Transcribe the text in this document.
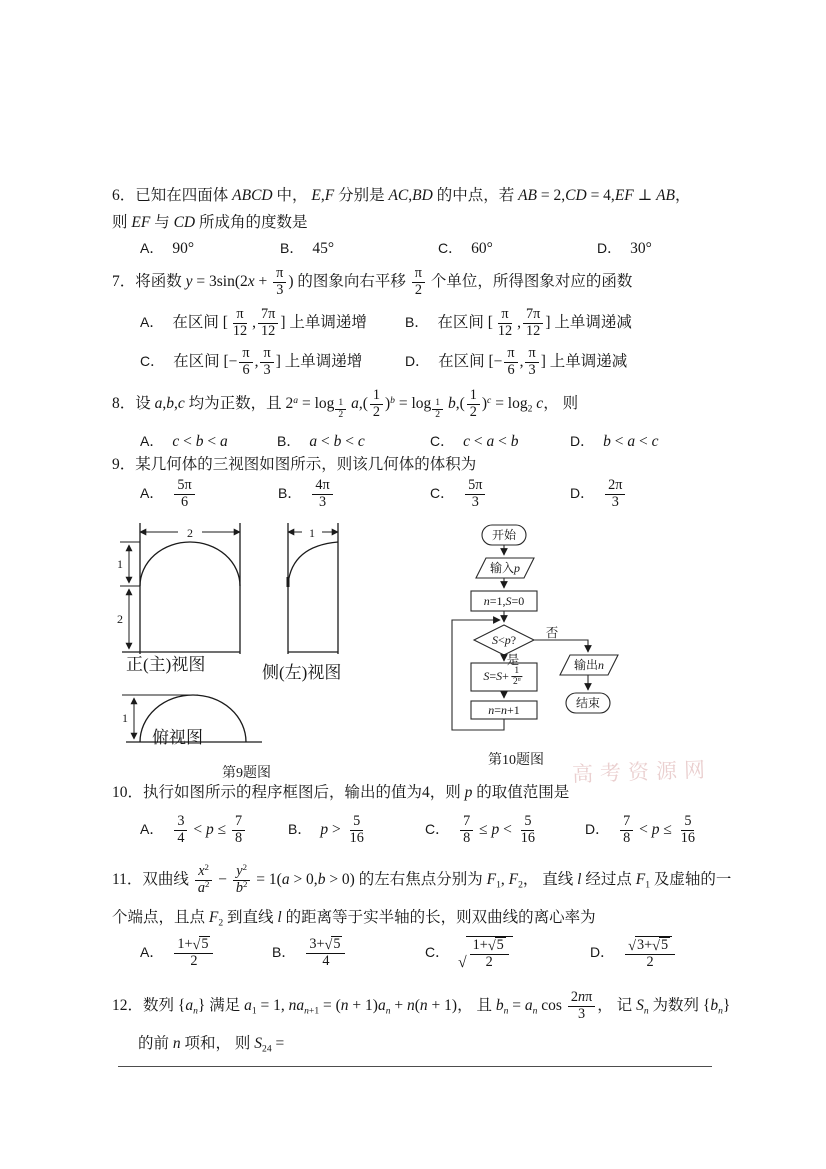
6．已知在四面体 ABCD 中， E,F 分别是 AC,BD 的中点，若 AB = 2,CD = 4,EF ⊥ AB，
则 EF 与 CD 所成角的度数是
A． 90°	B． 45°	C． 60°	D． 30°
7．将函数 $y = 3\sin(2x + \frac{\pi}{3}$ ) 的图象向右平移 $\frac{\pi}{2}$ 个单位，所得图象对应的函数
A． 在区间 [ $\frac{\pi}{12}$ , $\frac{7\pi}{12}$ ] 上单调递增	B． 在区间 [ $\frac{\pi}{12}$ , $\frac{7\pi}{12}$ ] 上单调递减
C． 在区间 [− $\frac{\pi}{6}$ , $\frac{\pi}{3}$ ] 上单调递增	D． 在区间 [− $\frac{\pi}{6}$ , $\frac{\pi}{3}$ ] 上单调递减
8．设 a,b,c 均为正数，且 $2^a = \log _{\frac{1}{2}}$ $a,( \frac{1}{2} )^b = \log _{\frac{1}{2}}$ $b,( \frac{1}{2} )^c = \log_2 c$， 则
A． c < b < a	B． a < b < c	C． c < a < b	D． b < a < c
9．某几何体的三视图如图所示，则该几何体的体积为
A． $\frac{5\pi}{6}$	B． $\frac{4\pi}{3}$	C． $\frac{5\pi}{3}$	D． $\frac{2\pi}{3}$
2
1
2
正(主)视图
1
侧(左)视图
1
俯视图
第9题图
开始
输入p
n=1,S=0
S<p? 否
是
$S=S+ \frac{1}{2^n}$
n=n+1
输出n
结束
第10题图 高考资源网
10．执行如图所示的程序框图后，输出的值为4，则 p 的取值范围是
A． $\frac{3}{4} < p \le \frac{7}{8}$	B． $p > \frac{5}{16}$	C． $\frac{7}{8} \le p < \frac{5}{16}$	D． $\frac{7}{8} < p \le \frac{5}{16}$
11．双曲线 $\frac{x^2}{a^2} - \frac{y^2}{b^2} = 1(a > 0,b > 0)$ 的左右焦点分别为 $F_1$, $F_2$， 直线 l 经过点 $F_1$ 及虚轴的一
个端点，且点 $F_2$ 到直线 l 的距离等于实半轴的长，则双曲线的离心率为
A． $\frac{1+ √ 5}{2}$	B． $\frac{3+ √ 5}{4}$	C．
√ $\frac{1+ √ 5}{2}$	D． $\frac{√ 3+ √ 5}{2}$
12．数列 $\{a_n\}$ 满足 $a_1 = 1$, $na_{n+1} = (n + 1)a_n + n(n + 1)$， 且 $b_n = a_n$ $\cos \frac{2n\pi}{3}$ ， 记 $S_n$ 为数列 $\{b_n\}$
的前 n 项和， 则 $S_{24}$ =
